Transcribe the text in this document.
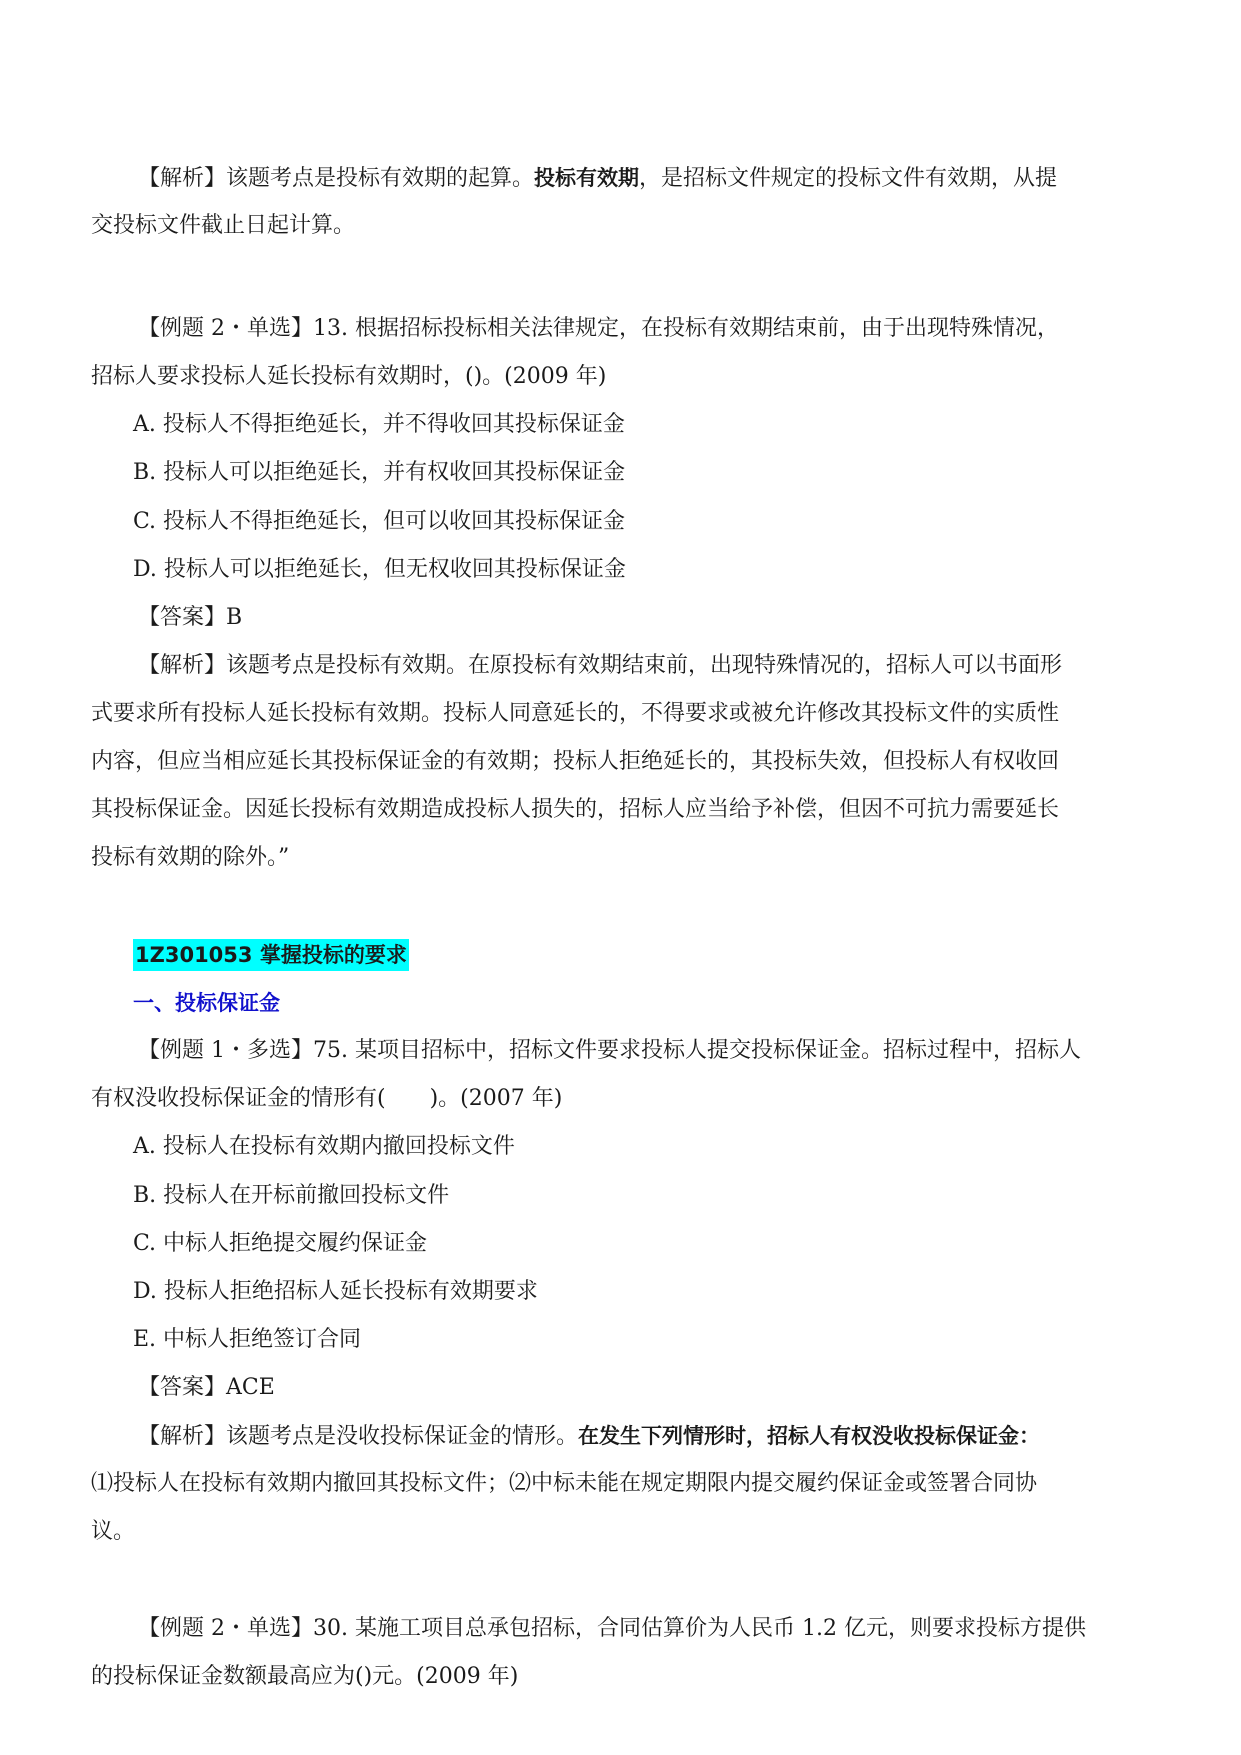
【解析】该题考点是投标有效期的起算。投标有效期，是招标文件规定的投标文件有效期，从提
交投标文件截止日起计算。
【例题 2・单选】13. 根据招标投标相关法律规定，在投标有效期结束前，由于出现特殊情况，
招标人要求投标人延长投标有效期时，()。(2009 年)
A. 投标人不得拒绝延长，并不得收回其投标保证金
B. 投标人可以拒绝延长，并有权收回其投标保证金
C. 投标人不得拒绝延长，但可以收回其投标保证金
D. 投标人可以拒绝延长，但无权收回其投标保证金
【答案】B
【解析】该题考点是投标有效期。在原投标有效期结束前，出现特殊情况的，招标人可以书面形
式要求所有投标人延长投标有效期。投标人同意延长的，不得要求或被允许修改其投标文件的实质性
内容，但应当相应延长其投标保证金的有效期；投标人拒绝延长的，其投标失效，但投标人有权收回
其投标保证金。因延长投标有效期造成投标人损失的，招标人应当给予补偿，但因不可抗力需要延长
投标有效期的除外。”
1Z301053 掌握投标的要求
一、投标保证金
【例题 1・多选】75. 某项目招标中，招标文件要求投标人提交投标保证金。招标过程中，招标人
有权没收投标保证金的情形有(　　)。(2007 年)
A. 投标人在投标有效期内撤回投标文件
B. 投标人在开标前撤回投标文件
C. 中标人拒绝提交履约保证金
D. 投标人拒绝招标人延长投标有效期要求
E. 中标人拒绝签订合同
【答案】ACE
【解析】该题考点是没收投标保证金的情形。在发生下列情形时，招标人有权没收投标保证金：
⑴投标人在投标有效期内撤回其投标文件；⑵中标未能在规定期限内提交履约保证金或签署合同协
议。
【例题 2・单选】30. 某施工项目总承包招标，合同估算价为人民币 1.2 亿元，则要求投标方提供
的投标保证金数额最高应为()元。(2009 年)
